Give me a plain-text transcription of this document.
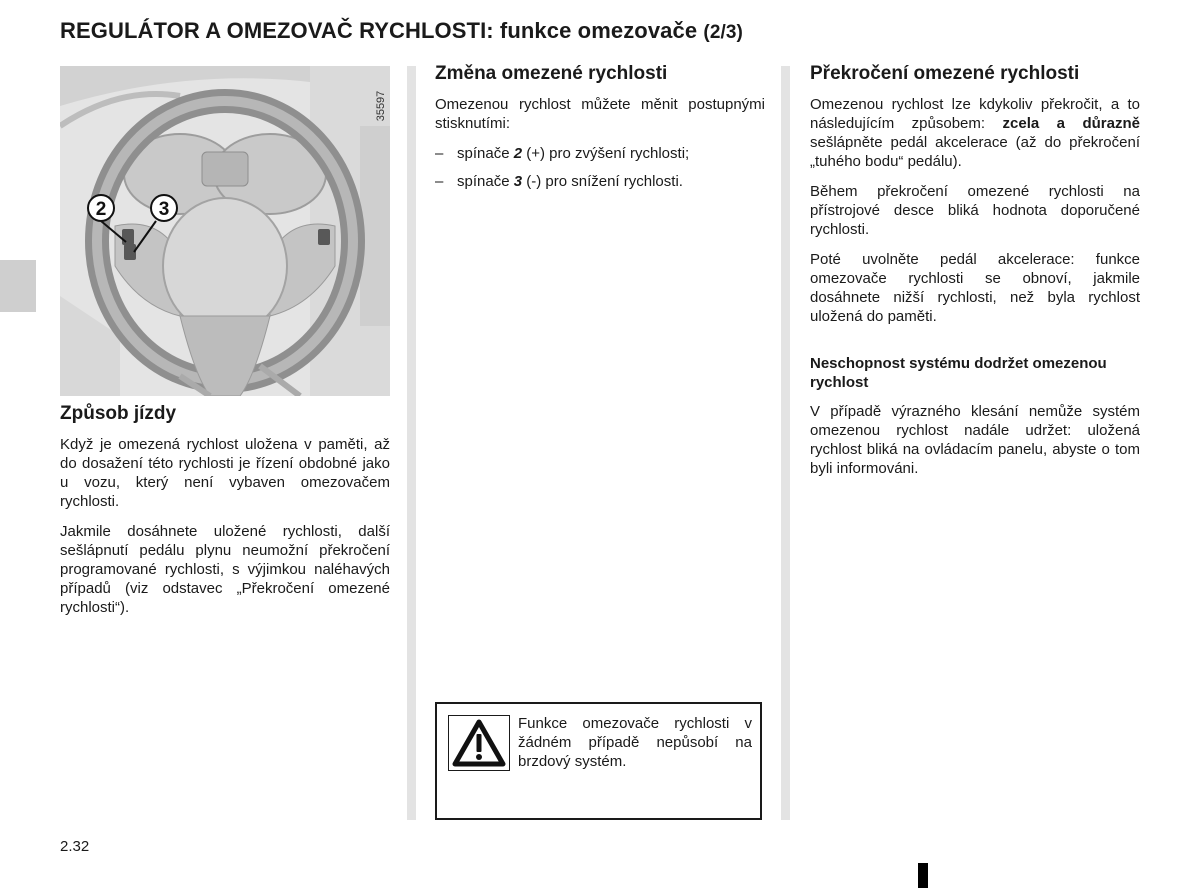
REGULÁTOR A OMEZOVAČ RYCHLOSTI: funkce omezovače (2/3)
2	3
35597
Způsob jízdy

Když je omezená rychlost uložena v paměti, až do dosažení této rychlosti je řízení obdobné jako u vozu, který není vybaven omezovačem rychlosti.

Jakmile dosáhnete uložené rychlosti, další sešlápnutí pedálu plynu neumožní překročení programované rychlosti, s výjimkou naléhavých případů (viz odstavec „Překročení omezené rychlosti“).

Změna omezené rychlosti

Omezenou rychlost můžete měnit postupnými stisknutími:

– spínače 2 (+) pro zvýšení rychlosti;
– spínače 3 (-) pro snížení rychlosti.

Funkce omezovače rychlosti v žádném případě nepůsobí na brzdový systém.

Překročení omezené rychlosti

Omezenou rychlost lze kdykoliv překročit, a to následujícím způsobem: zcela a důrazně sešlápněte pedál akcelerace (až do překročení „tuhého bodu“ pedálu).

Během překročení omezené rychlosti na přístrojové desce bliká hodnota doporučené rychlosti.

Poté uvolněte pedál akcelerace: funkce omezovače rychlosti se obnoví, jakmile dosáhnete nižší rychlosti, než byla rychlost uložená do paměti.

Neschopnost systému dodržet omezenou rychlost

V případě výrazného klesání nemůže systém omezenou rychlost nadále udržet: uložená rychlost bliká na ovládacím panelu, abyste o tom byli informováni.

2.32
